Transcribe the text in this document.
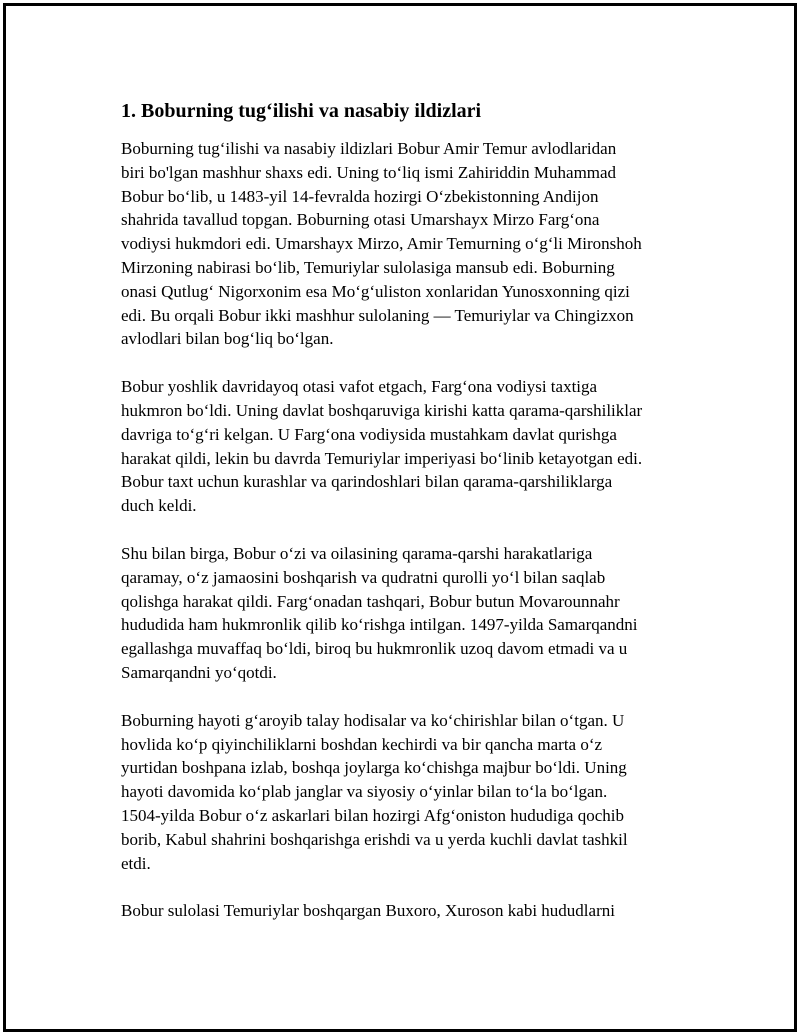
1. Boburning tug‘ilishi va nasabiy ildizlari

Boburning tug‘ilishi va nasabiy ildizlari Bobur Amir Temur avlodlaridan
biri bo'lgan mashhur shaxs edi. Uning to‘liq ismi Zahiriddin Muhammad
Bobur bo‘lib, u 1483-yil 14-fevralda hozirgi O‘zbekistonning Andijon
shahrida tavallud topgan. Boburning otasi Umarshayx Mirzo Farg‘ona
vodiysi hukmdori edi. Umarshayx Mirzo, Amir Temurning o‘g‘li Mironshoh
Mirzoning nabirasi bo‘lib, Temuriylar sulolasiga mansub edi. Boburning
onasi Qutlug‘ Nigorxonim esa Mo‘g‘uliston xonlaridan Yunosxonning qizi
edi. Bu orqali Bobur ikki mashhur sulolaning — Temuriylar va Chingizxon
avlodlari bilan bog‘liq bo‘lgan.

Bobur yoshlik davridayoq otasi vafot etgach, Farg‘ona vodiysi taxtiga
hukmron bo‘ldi. Uning davlat boshqaruviga kirishi katta qarama-qarshiliklar
davriga to‘g‘ri kelgan. U Farg‘ona vodiysida mustahkam davlat qurishga
harakat qildi, lekin bu davrda Temuriylar imperiyasi bo‘linib ketayotgan edi.
Bobur taxt uchun kurashlar va qarindoshlari bilan qarama-qarshiliklarga
duch keldi.

Shu bilan birga, Bobur o‘zi va oilasining qarama-qarshi harakatlariga
qaramay, o‘z jamaosini boshqarish va qudratni qurolli yo‘l bilan saqlab
qolishga harakat qildi. Farg‘onadan tashqari, Bobur butun Movarounnahr
hududida ham hukmronlik qilib ko‘rishga intilgan. 1497-yilda Samarqandni
egallashga muvaffaq bo‘ldi, biroq bu hukmronlik uzoq davom etmadi va u
Samarqandni yo‘qotdi.

Boburning hayoti g‘aroyib talay hodisalar va ko‘chirishlar bilan o‘tgan. U
hovlida ko‘p qiyinchiliklarni boshdan kechirdi va bir qancha marta o‘z
yurtidan boshpana izlab, boshqa joylarga ko‘chishga majbur bo‘ldi. Uning
hayoti davomida ko‘plab janglar va siyosiy o‘yinlar bilan to‘la bo‘lgan.
1504-yilda Bobur o‘z askarlari bilan hozirgi Afg‘oniston hududiga qochib
borib, Kabul shahrini boshqarishga erishdi va u yerda kuchli davlat tashkil
etdi.

Bobur sulolasi Temuriylar boshqargan Buxoro, Xuroson kabi hududlarni
